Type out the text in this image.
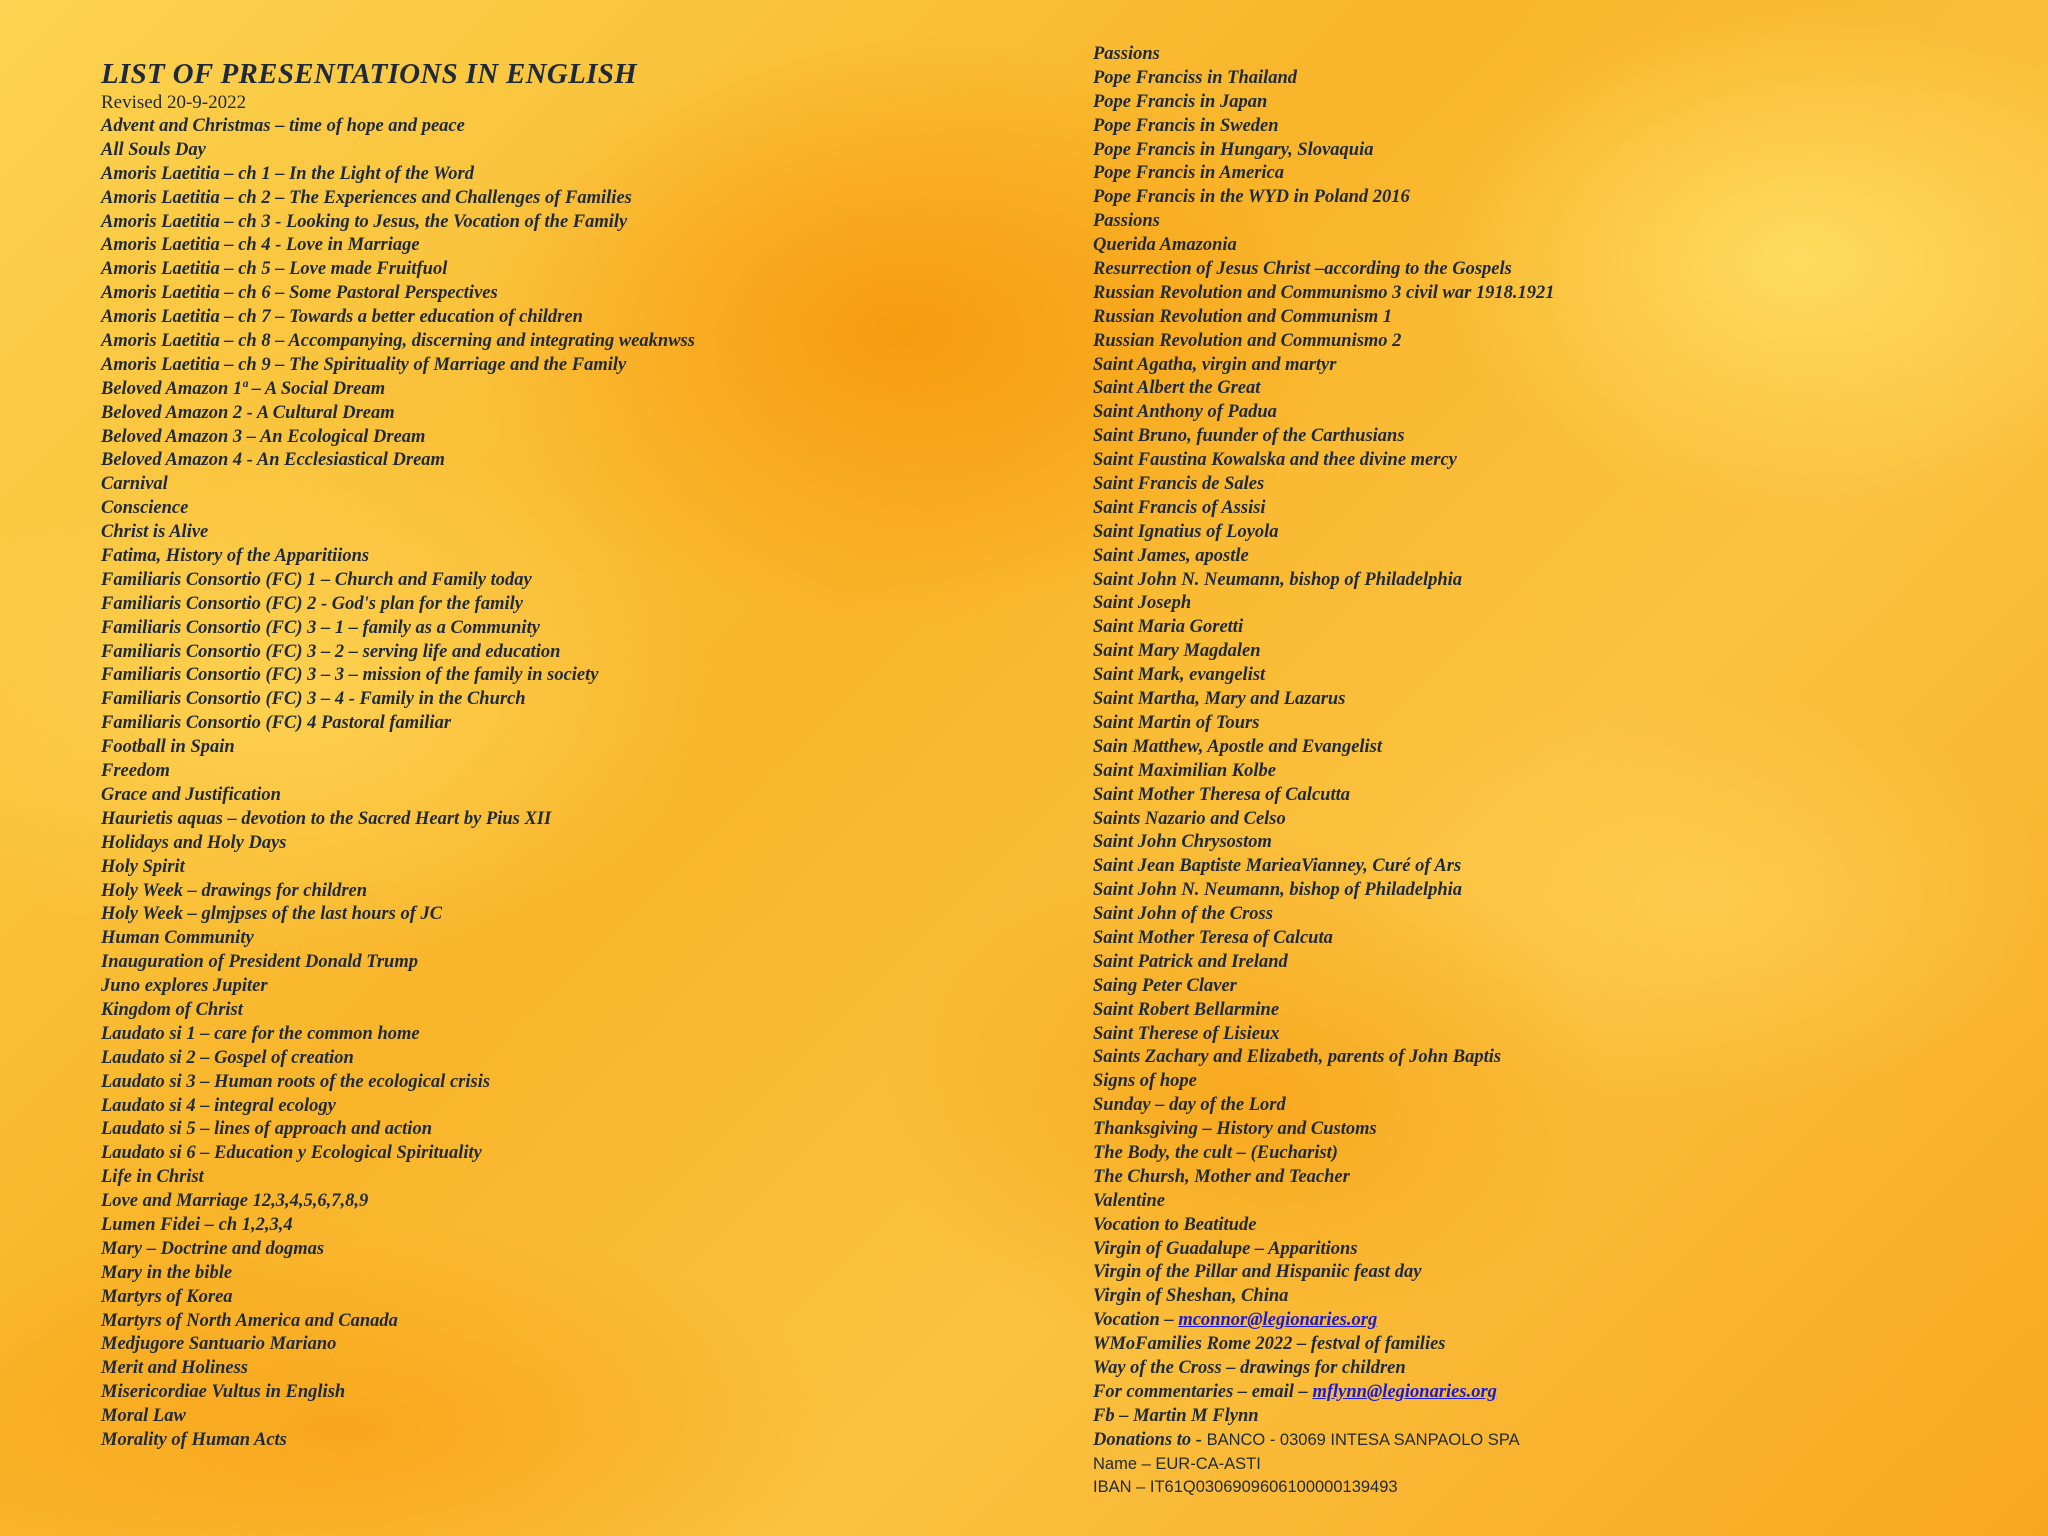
LIST OF PRESENTATIONS IN ENGLISH
Revised 20-9-2022
Advent and Christmas – time of hope and peace
All Souls Day
Amoris Laetitia – ch 1 – In the Light of the Word
Amoris Laetitia – ch 2 – The Experiences and Challenges of Families
Amoris Laetitia – ch 3 - Looking to Jesus, the Vocation of the Family
Amoris Laetitia – ch 4 - Love in Marriage
Amoris Laetitia – ch 5 – Love made Fruitfuol
Amoris Laetitia – ch 6 – Some Pastoral Perspectives
Amoris Laetitia – ch 7 – Towards a better education of children
Amoris Laetitia – ch 8 – Accompanying, discerning and integrating weaknwss
Amoris Laetitia – ch 9 – The Spirituality of Marriage and the Family
Beloved Amazon 1ª – A Social Dream
Beloved Amazon 2 - A Cultural Dream
Beloved Amazon 3 – An Ecological Dream
Beloved Amazon 4 - An Ecclesiastical Dream
Carnival
Conscience
Christ is Alive
Fatima, History of the Apparitiions
Familiaris Consortio (FC) 1 – Church and Family today
Familiaris Consortio (FC) 2 - God's plan for the family
Familiaris Consortio (FC) 3 – 1 – family as a Community
Familiaris Consortio (FC) 3 – 2 – serving life and education
Familiaris Consortio (FC) 3 – 3 – mission of the family in society
Familiaris Consortio (FC) 3 – 4 - Family in the Church
Familiaris Consortio (FC) 4 Pastoral familiar
Football in Spain
Freedom
Grace and Justification
Haurietis aquas – devotion to the Sacred Heart by Pius XII
Holidays and Holy Days
Holy Spirit
Holy Week – drawings for children
Holy Week – glmjpses of the last hours of JC
Human Community
Inauguration of President Donald Trump
Juno explores Jupiter
Kingdom of Christ
Laudato si 1 – care for the common home
Laudato si 2 – Gospel of creation
Laudato si 3 – Human roots of the ecological crisis
Laudato si 4 – integral ecology
Laudato si 5 – lines of approach and action
Laudato si 6 – Education y Ecological Spirituality
Life in Christ
Love and Marriage 12,3,4,5,6,7,8,9
Lumen Fidei – ch 1,2,3,4
Mary – Doctrine and dogmas
Mary in the bible
Martyrs of Korea
Martyrs of North America and Canada
Medjugore Santuario Mariano
Merit and Holiness
Misericordiae Vultus in English
Moral Law
Morality of Human Acts
Passions
Pope Franciss in Thailand
Pope Francis in Japan
Pope Francis in Sweden
Pope Francis in Hungary, Slovaquia
Pope Francis in America
Pope Francis in the WYD in Poland 2016
Passions
Querida Amazonia
Resurrection of Jesus Christ –according to the Gospels
Russian Revolution and Communismo 3 civil war 1918.1921
Russian Revolution and Communism 1
Russian Revolution and Communismo 2
Saint Agatha, virgin and martyr
Saint Albert the Great
Saint Anthony of Padua
Saint Bruno, fuunder of the Carthusians
Saint Faustina Kowalska and thee divine mercy
Saint Francis de Sales
Saint Francis of Assisi
Saint Ignatius of Loyola
Saint James, apostle
Saint John N. Neumann, bishop of Philadelphia
Saint Joseph
Saint Maria Goretti
Saint Mary Magdalen
Saint Mark, evangelist
Saint Martha, Mary and Lazarus
Saint Martin of Tours
Sain Matthew, Apostle and Evangelist
Saint Maximilian Kolbe
Saint Mother Theresa of Calcutta
Saints Nazario and Celso
Saint John Chrysostom
Saint Jean Baptiste MarieaVianney, Curé of Ars
Saint John N. Neumann, bishop of Philadelphia
Saint John of the Cross
Saint Mother Teresa of Calcuta
Saint Patrick and Ireland
Saing Peter Claver
Saint Robert Bellarmine
Saint Therese of Lisieux
Saints Zachary and Elizabeth, parents of John Baptis
Signs of hope
Sunday – day of the Lord
Thanksgiving – History and Customs
The Body, the cult – (Eucharist)
The Chursh, Mother and Teacher
Valentine
Vocation to Beatitude
Virgin of Guadalupe – Apparitions
Virgin of the Pillar and Hispaniic feast day
Virgin of Sheshan, China
Vocation – mconnor@legionaries.org
WMoFamilies Rome 2022 – festval of families
Way of the Cross – drawings for children
For commentaries – email – mflynn@legionaries.org
Fb – Martin M Flynn
Donations to - BANCO - 03069 INTESA SANPAOLO SPA
Name – EUR-CA-ASTI
IBAN – IT61Q0306909606100000139493
